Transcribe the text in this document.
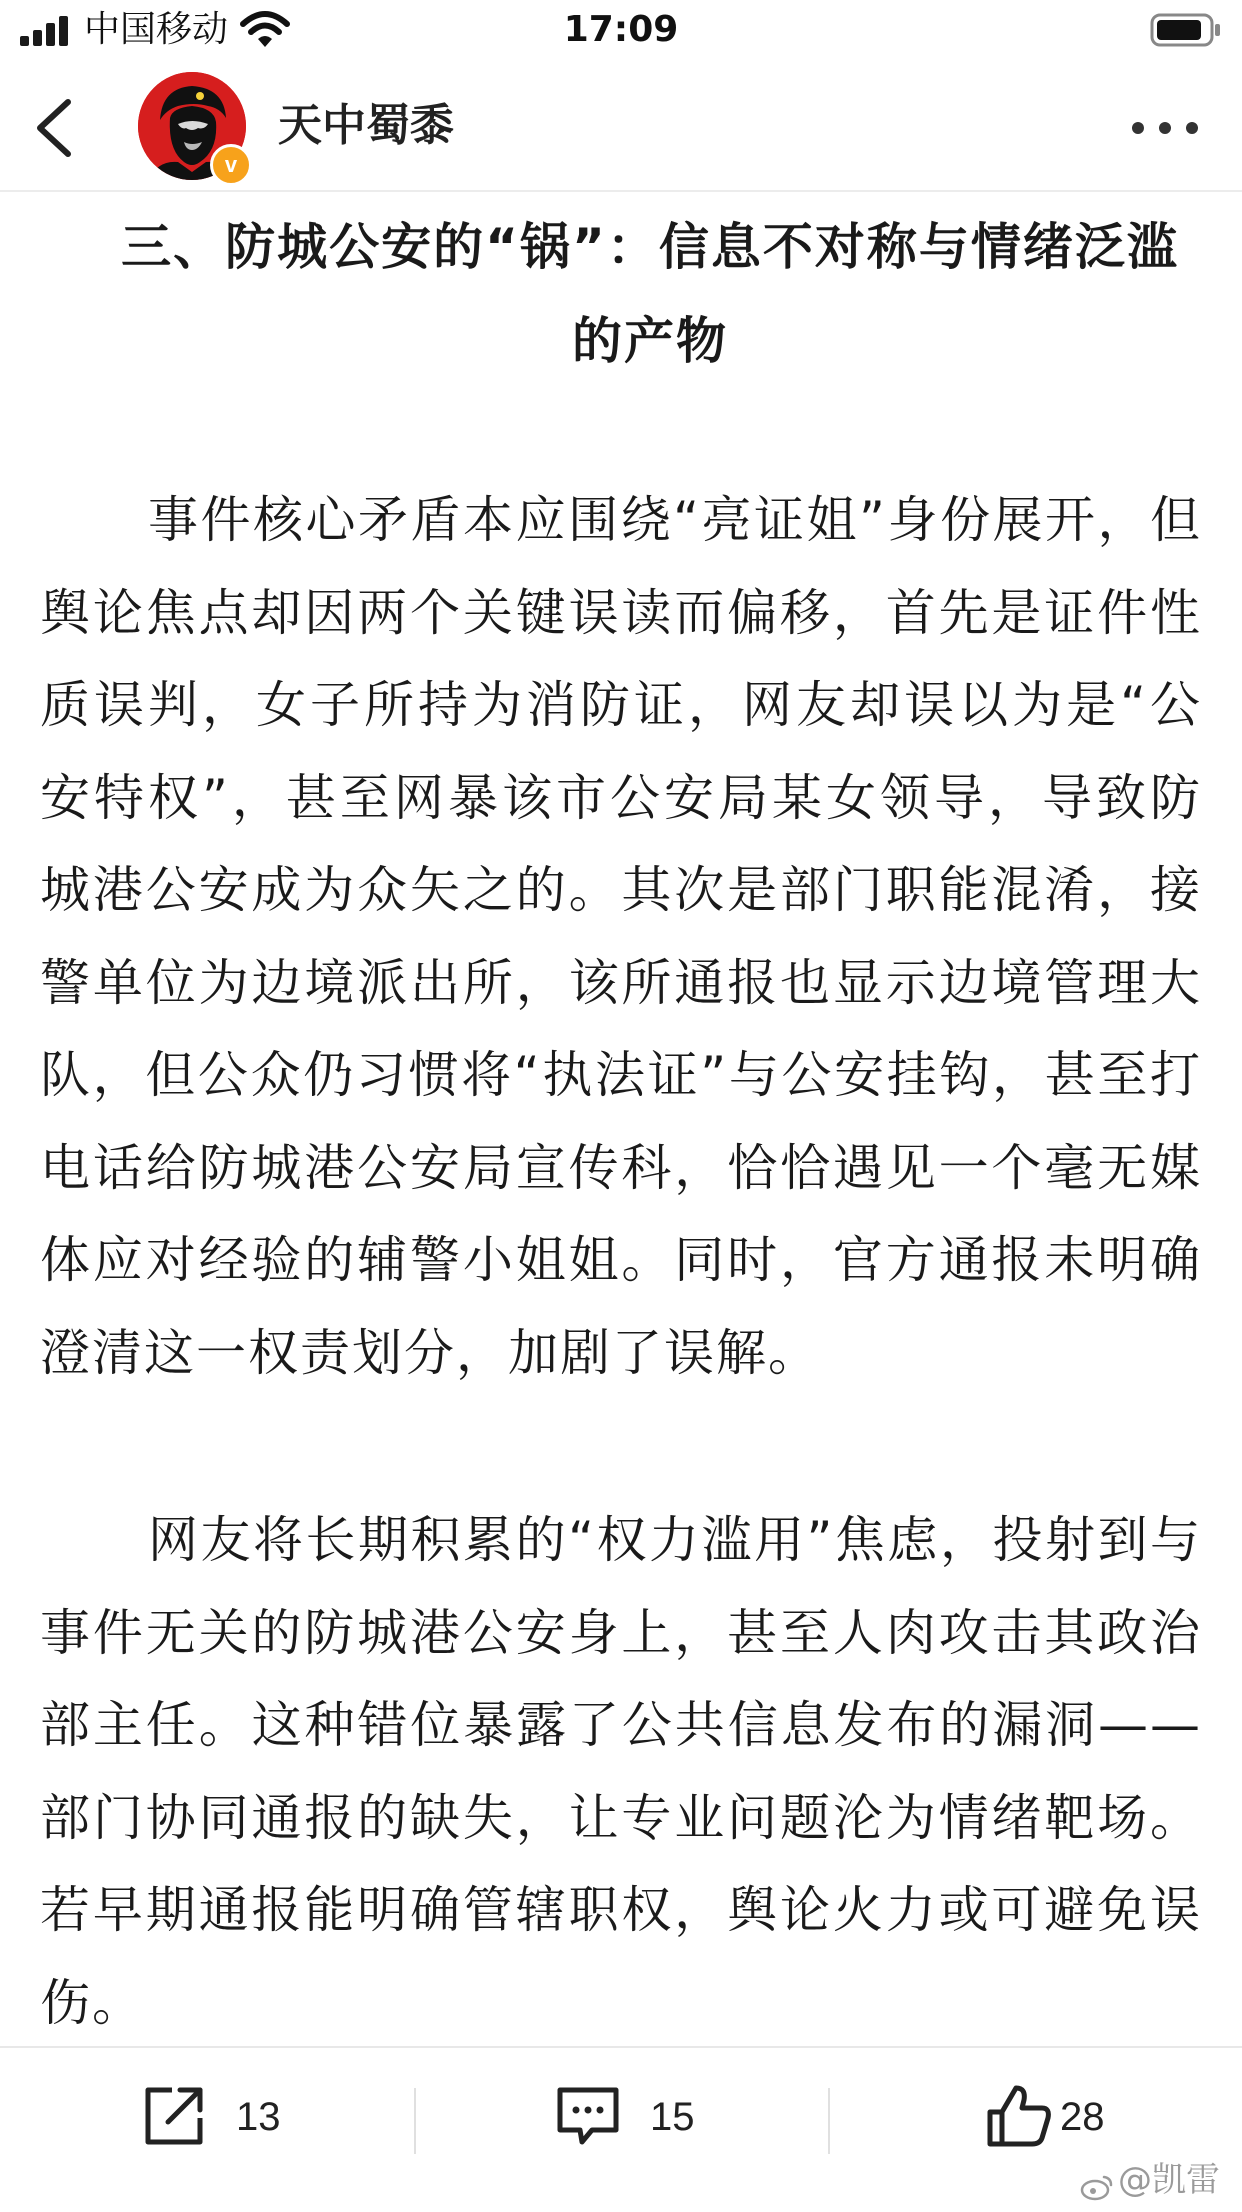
中国移动	17:09
v
天中蜀黍
三、防城公安的“锅”：信息不对称与情绪泛滥的产物
事件核心矛盾本应围绕“亮证姐”身份展开，但舆论焦点却因两个关键误读而偏移，首先是证件性质误判，女子所持为消防证，网友却误以为是“公安特权”，甚至网暴该市公安局某女领导，导致防城港公安成为众矢之的。其次是部门职能混淆，接警单位为边境派出所，该所通报也显示边境管理大队，但公众仍习惯将“执法证”与公安挂钩，甚至打电话给防城港公安局宣传科，恰恰遇见一个毫无媒体应对经验的辅警小姐姐。同时，官方通报未明确澄清这一权责划分，加剧了误解。
网友将长期积累的“权力滥用”焦虑，投射到与事件无关的防城港公安身上，甚至人肉攻击其政治部主任。这种错位暴露了公共信息发布的漏洞——部门协同通报的缺失，让专业问题沦为情绪靶场。若早期通报能明确管辖职权，舆论火力或可避免误伤。
13	15	28
@凯雷
